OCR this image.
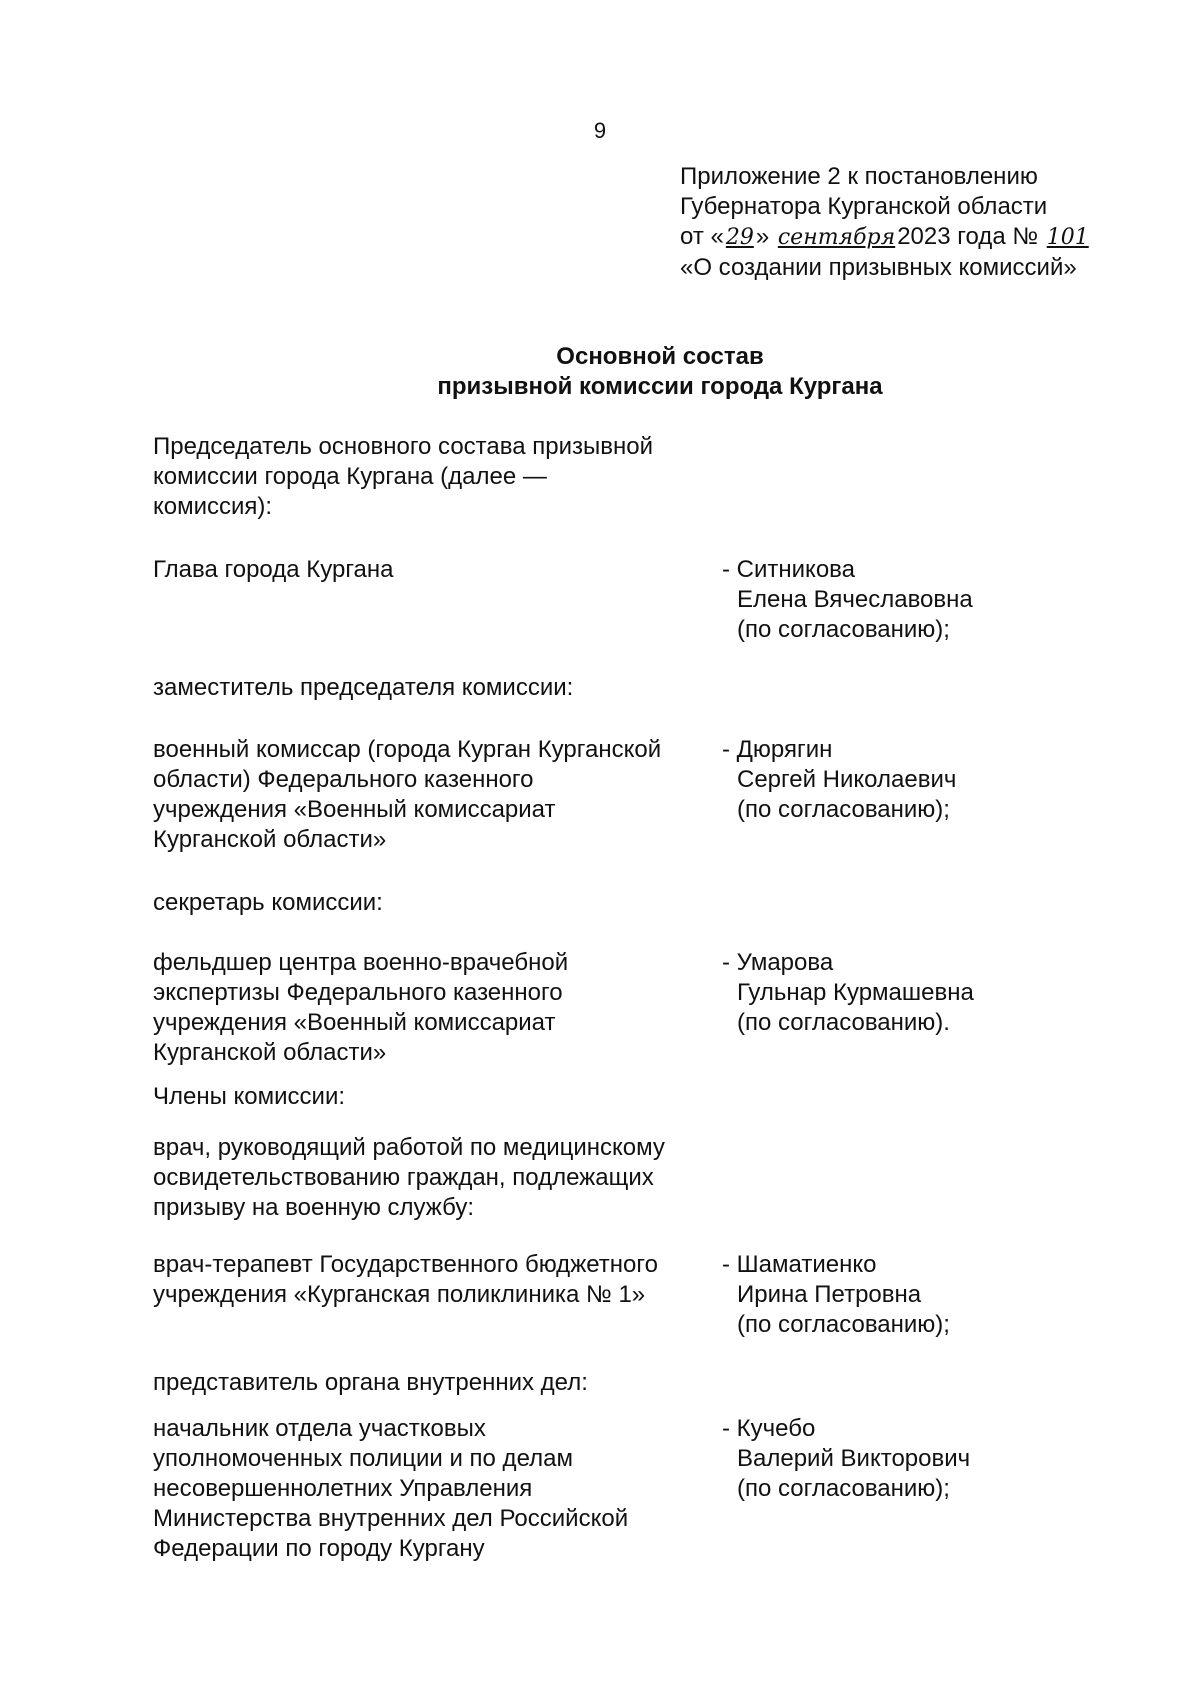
9
Приложение 2 к постановлению
Губернатора Курганской области
от «29» сентября2023 года № 101
«О создании призывных комиссий»
Основной состав
призывной комиссии города Кургана
Председатель основного состава призывной
комиссии города Кургана (далее —
комиссия):
Глава города Кургана	- Ситникова
Елена Вячеславовна
(по согласованию);
заместитель председателя комиссии:
военный комиссар (города Курган Курганской
области) Федерального казенного
учреждения «Военный комиссариат
Курганской области»
- Дюрягин
Сергей Николаевич
(по согласованию);
секретарь комиссии:
фельдшер центра военно-врачебной
экспертизы Федерального казенного
учреждения «Военный комиссариат
Курганской области»
- Умарова
Гульнар Курмашевна
(по согласованию).
Члены комиссии:
врач, руководящий работой по медицинскому
освидетельствованию граждан, подлежащих
призыву на военную службу:
врач-терапевт Государственного бюджетного
учреждения «Курганская поликлиника № 1»
- Шаматиенко
Ирина Петровна
(по согласованию);
представитель органа внутренних дел:
начальник отдела участковых
уполномоченных полиции и по делам
несовершеннолетних Управления
Министерства внутренних дел Российской
Федерации по городу Кургану
- Кучебо
Валерий Викторович
(по согласованию);
